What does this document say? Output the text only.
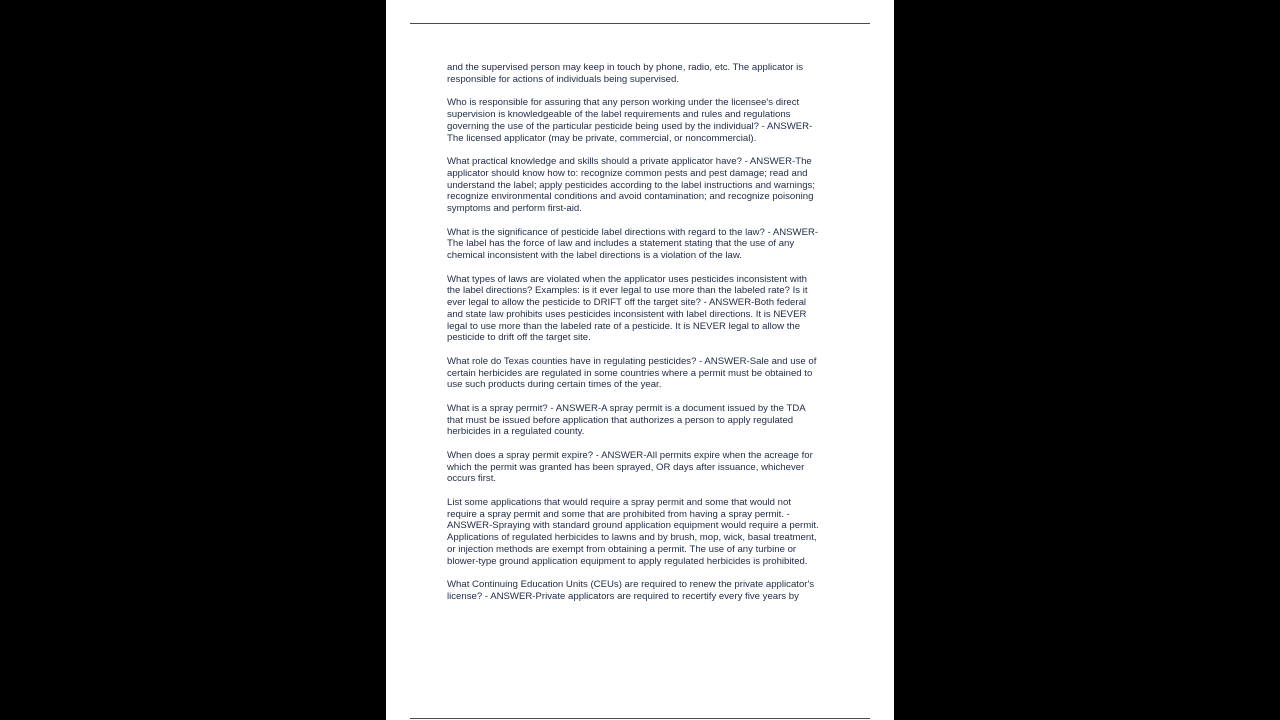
and the supervised person may keep in touch by phone, radio, etc. The applicator is
responsible for actions of individuals being supervised.

Who is responsible for assuring that any person working under the licensee's direct
supervision is knowledgeable of the label requirements and rules and regulations
governing the use of the particular pesticide being used by the individual? - ANSWER-
The licensed applicator (may be private, commercial, or noncommercial).

What practical knowledge and skills should a private applicator have? - ANSWER-The
applicator should know how to: recognize common pests and pest damage; read and
understand the label; apply pesticides according to the label instructions and warnings;
recognize environmental conditions and avoid contamination; and recognize poisoning
symptoms and perform first-aid.

What is the significance of pesticide label directions with regard to the law? - ANSWER-
The label has the force of law and includes a statement stating that the use of any
chemical inconsistent with the label directions is a violation of the law.

What types of laws are violated when the applicator uses pesticides inconsistent with
the label directions? Examples: is it ever legal to use more than the labeled rate? Is it
ever legal to allow the pesticide to DRIFT off the target site? - ANSWER-Both federal
and state law prohibits uses pesticides inconsistent with label directions. It is NEVER
legal to use more than the labeled rate of a pesticide. It is NEVER legal to allow the
pesticide to drift off the target site.

What role do Texas counties have in regulating pesticides? - ANSWER-Sale and use of
certain herbicides are regulated in some countries where a permit must be obtained to
use such products during certain times of the year.

What is a spray permit? - ANSWER-A spray permit is a document issued by the TDA
that must be issued before application that authorizes a person to apply regulated
herbicides in a regulated county.

When does a spray permit expire? - ANSWER-All permits expire when the acreage for
which the permit was granted has been sprayed, OR days after issuance, whichever
occurs first.

List some applications that would require a spray permit and some that would not
require a spray permit and some that are prohibited from having a spray permit. -
ANSWER-Spraying with standard ground application equipment would require a permit.
Applications of regulated herbicides to lawns and by brush, mop, wick, basal treatment,
or injection methods are exempt from obtaining a permit. The use of any turbine or
blower-type ground application equipment to apply regulated herbicides is prohibited.

What Continuing Education Units (CEUs) are required to renew the private applicator's
license? - ANSWER-Private applicators are required to recertify every five years by
